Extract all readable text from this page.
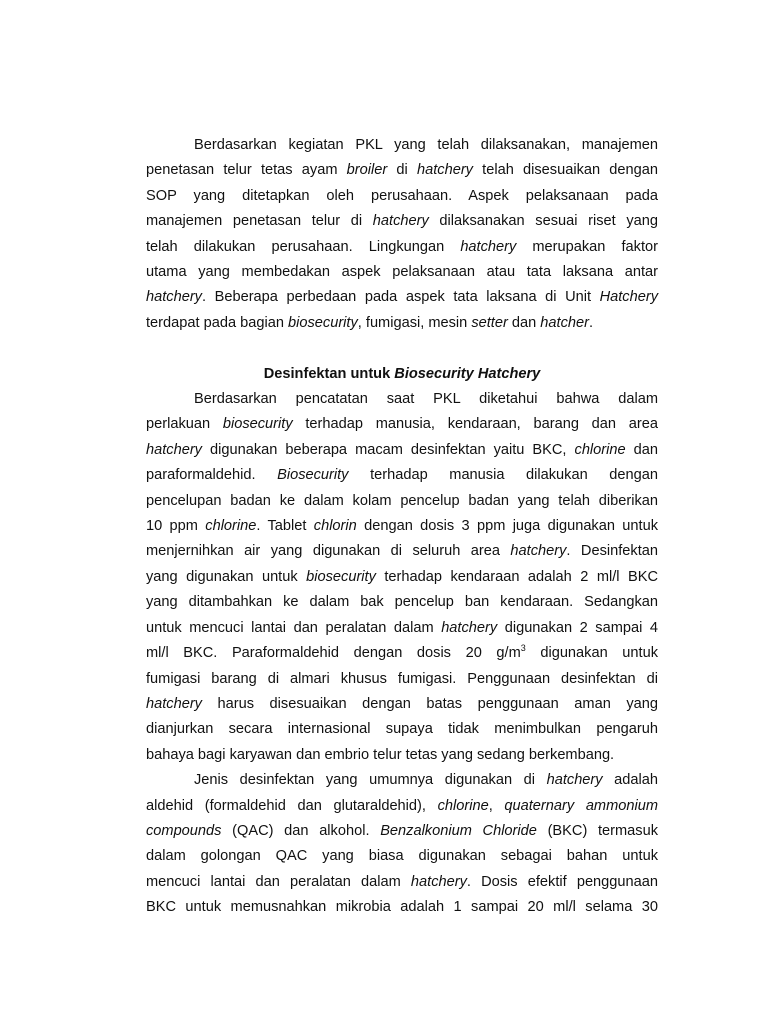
Berdasarkan kegiatan PKL yang telah dilaksanakan, manajemen
penetasan telur tetas ayam broiler di hatchery telah disesuaikan dengan
SOP yang ditetapkan oleh perusahaan. Aspek pelaksanaan pada
manajemen penetasan telur di hatchery dilaksanakan sesuai riset yang
telah dilakukan perusahaan. Lingkungan hatchery merupakan faktor
utama yang membedakan aspek pelaksanaan atau tata laksana antar
hatchery. Beberapa perbedaan pada aspek tata laksana di Unit Hatchery
terdapat pada bagian biosecurity, fumigasi, mesin setter dan hatcher.

Desinfektan untuk Biosecurity Hatchery

Berdasarkan pencatatan saat PKL diketahui bahwa dalam
perlakuan biosecurity terhadap manusia, kendaraan, barang dan area
hatchery digunakan beberapa macam desinfektan yaitu BKC, chlorine dan
paraformaldehid. Biosecurity terhadap manusia dilakukan dengan
pencelupan badan ke dalam kolam pencelup badan yang telah diberikan
10 ppm chlorine. Tablet chlorin dengan dosis 3 ppm juga digunakan untuk
menjernihkan air yang digunakan di seluruh area hatchery. Desinfektan
yang digunakan untuk biosecurity terhadap kendaraan adalah 2 ml/l BKC
yang ditambahkan ke dalam bak pencelup ban kendaraan. Sedangkan
untuk mencuci lantai dan peralatan dalam hatchery digunakan 2 sampai 4
ml/l BKC. Paraformaldehid dengan dosis 20 $g/m^3$ digunakan untuk
fumigasi barang di almari khusus fumigasi. Penggunaan desinfektan di
hatchery harus disesuaikan dengan batas penggunaan aman yang
dianjurkan secara internasional supaya tidak menimbulkan pengaruh
bahaya bagi karyawan dan embrio telur tetas yang sedang berkembang.

Jenis desinfektan yang umumnya digunakan di hatchery adalah
aldehid (formaldehid dan glutaraldehid), chlorine, quaternary ammonium
compounds (QAC) dan alkohol. Benzalkonium Chloride (BKC) termasuk
dalam golongan QAC yang biasa digunakan sebagai bahan untuk
mencuci lantai dan peralatan dalam hatchery. Dosis efektif penggunaan
BKC untuk memusnahkan mikrobia adalah 1 sampai 20 ml/l selama 30
